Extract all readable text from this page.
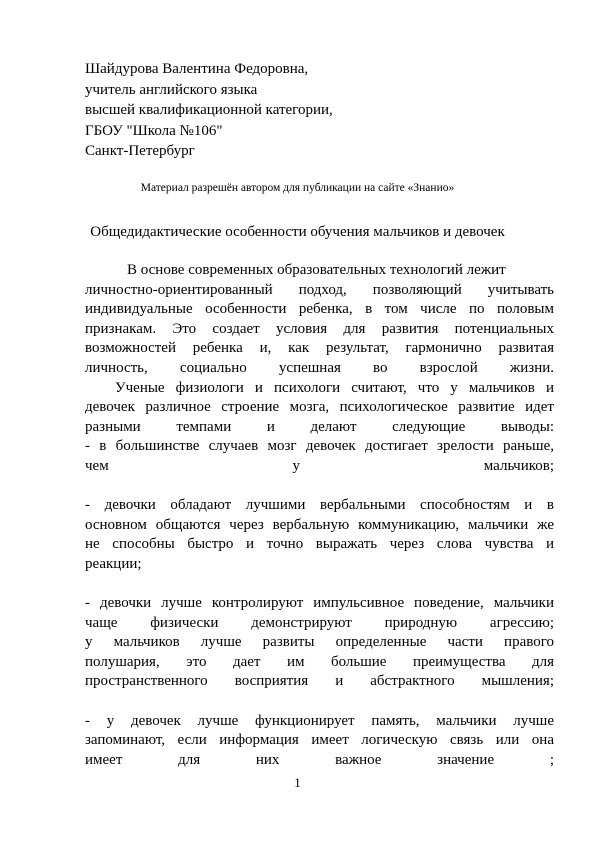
Шайдурова Валентина Федоровна,
учитель английского языка
высшей квалификационной категории,
ГБОУ "Школа №106"
Санкт-Петербург
Материал разрешён автором для публикации на сайте «Знанио»
Общедидактические особенности обучения мальчиков и девочек
В основе современных образовательных технологий лежит
личностно-ориентированный подход, позволяющий учитывать
индивидуальные особенности ребенка, в том числе по половым
признакам. Это создает условия для развития потенциальных
возможностей ребенка и, как результат, гармонично развитая
личность, социально успешная во взрослой жизни.
Ученые физиологи и психологи считают, что у мальчиков и
девочек различное строение мозга, психологическое развитие идет
разными темпами и делают следующие выводы:
- в большинстве случаев мозг девочек достигает зрелости раньше,
чем у мальчиков;
- девочки обладают лучшими вербальными способностям и в
основном общаются через вербальную коммуникацию, мальчики же
не способны быстро и точно выражать через слова чувства и
реакции;
- девочки лучше контролируют импульсивное поведение, мальчики
чаще физически демонстрируют природную агрессию;
у мальчиков лучше развиты определенные части правого
полушария, это дает им большие преимущества для
пространственного восприятия и абстрактного мышления;
- у девочек лучше функционирует память, мальчики лучше
запоминают, если информация имеет логическую связь или она
имеет для них важное значение ;
1
